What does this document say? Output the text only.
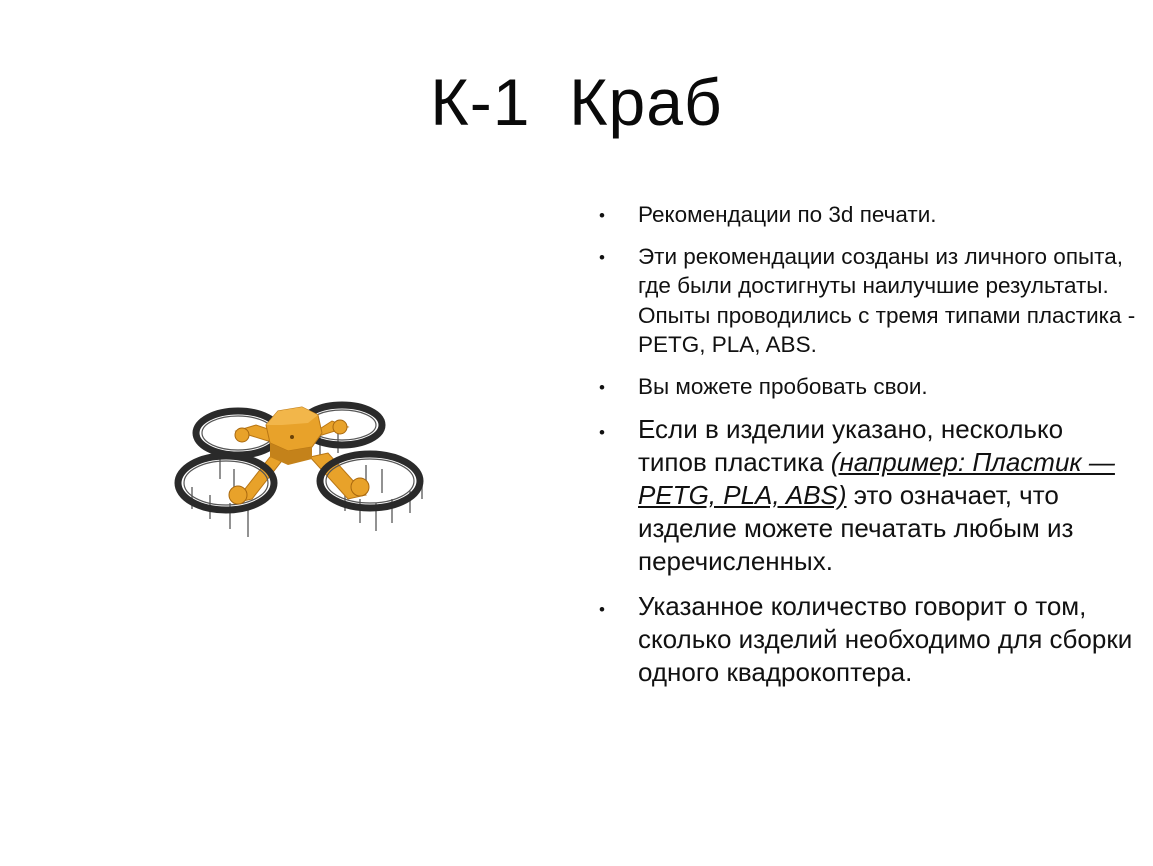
К-1  Краб
• Рекомендации по 3d печати.
• Эти рекомендации созданы из личного опыта, где были достигнуты наилучшие результаты. Опыты проводились с тремя типами пластика - PETG, PLA, ABS.
• Вы можете пробовать свои.
• Если в изделии указано, несколько типов пластика (например: Пластик — PETG, PLA, ABS) это означает, что изделие можете печатать любым из перечисленных.
• Указанное количество говорит о том, сколько изделий необходимо для сборки одного квадрокоптера.
